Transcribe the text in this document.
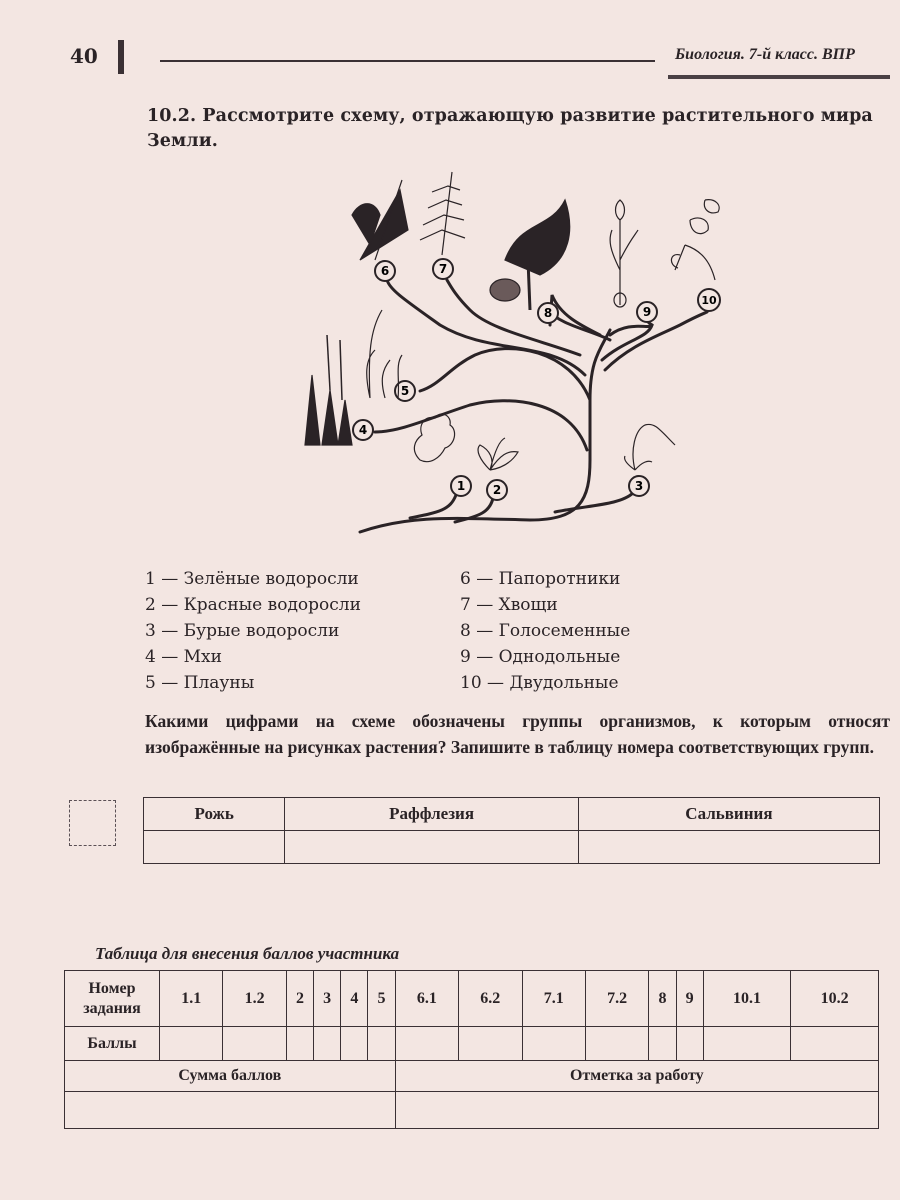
40	Биология. 7-й класс. ВПР
10.2. Рассмотрите схему, отражающую развитие растительного мира Земли.
1 2	3
4
5
6	7
8	9
10
1 — Зелёные водоросли
2 — Красные водоросли
3 — Бурые водоросли
4 — Мхи
5 — Плауны
6 — Папоротники
7 — Хвощи
8 — Голосеменные
9 — Однодольные
10 — Двудольные
Какими цифрами на схеме обозначены группы организмов, к которым относят изображённые на рисунках растения? Запишите в таблицу номера соответствующих групп.
Рожь	Раффлезия	Сальвиния

Таблица для внесения баллов участника
Номер задания	1.1	1.2	2	3	4	5	6.1	6.2	7.1	7.2	8	9	10.1	10.2
Баллы														
Сумма баллов							Отметка за работу							
